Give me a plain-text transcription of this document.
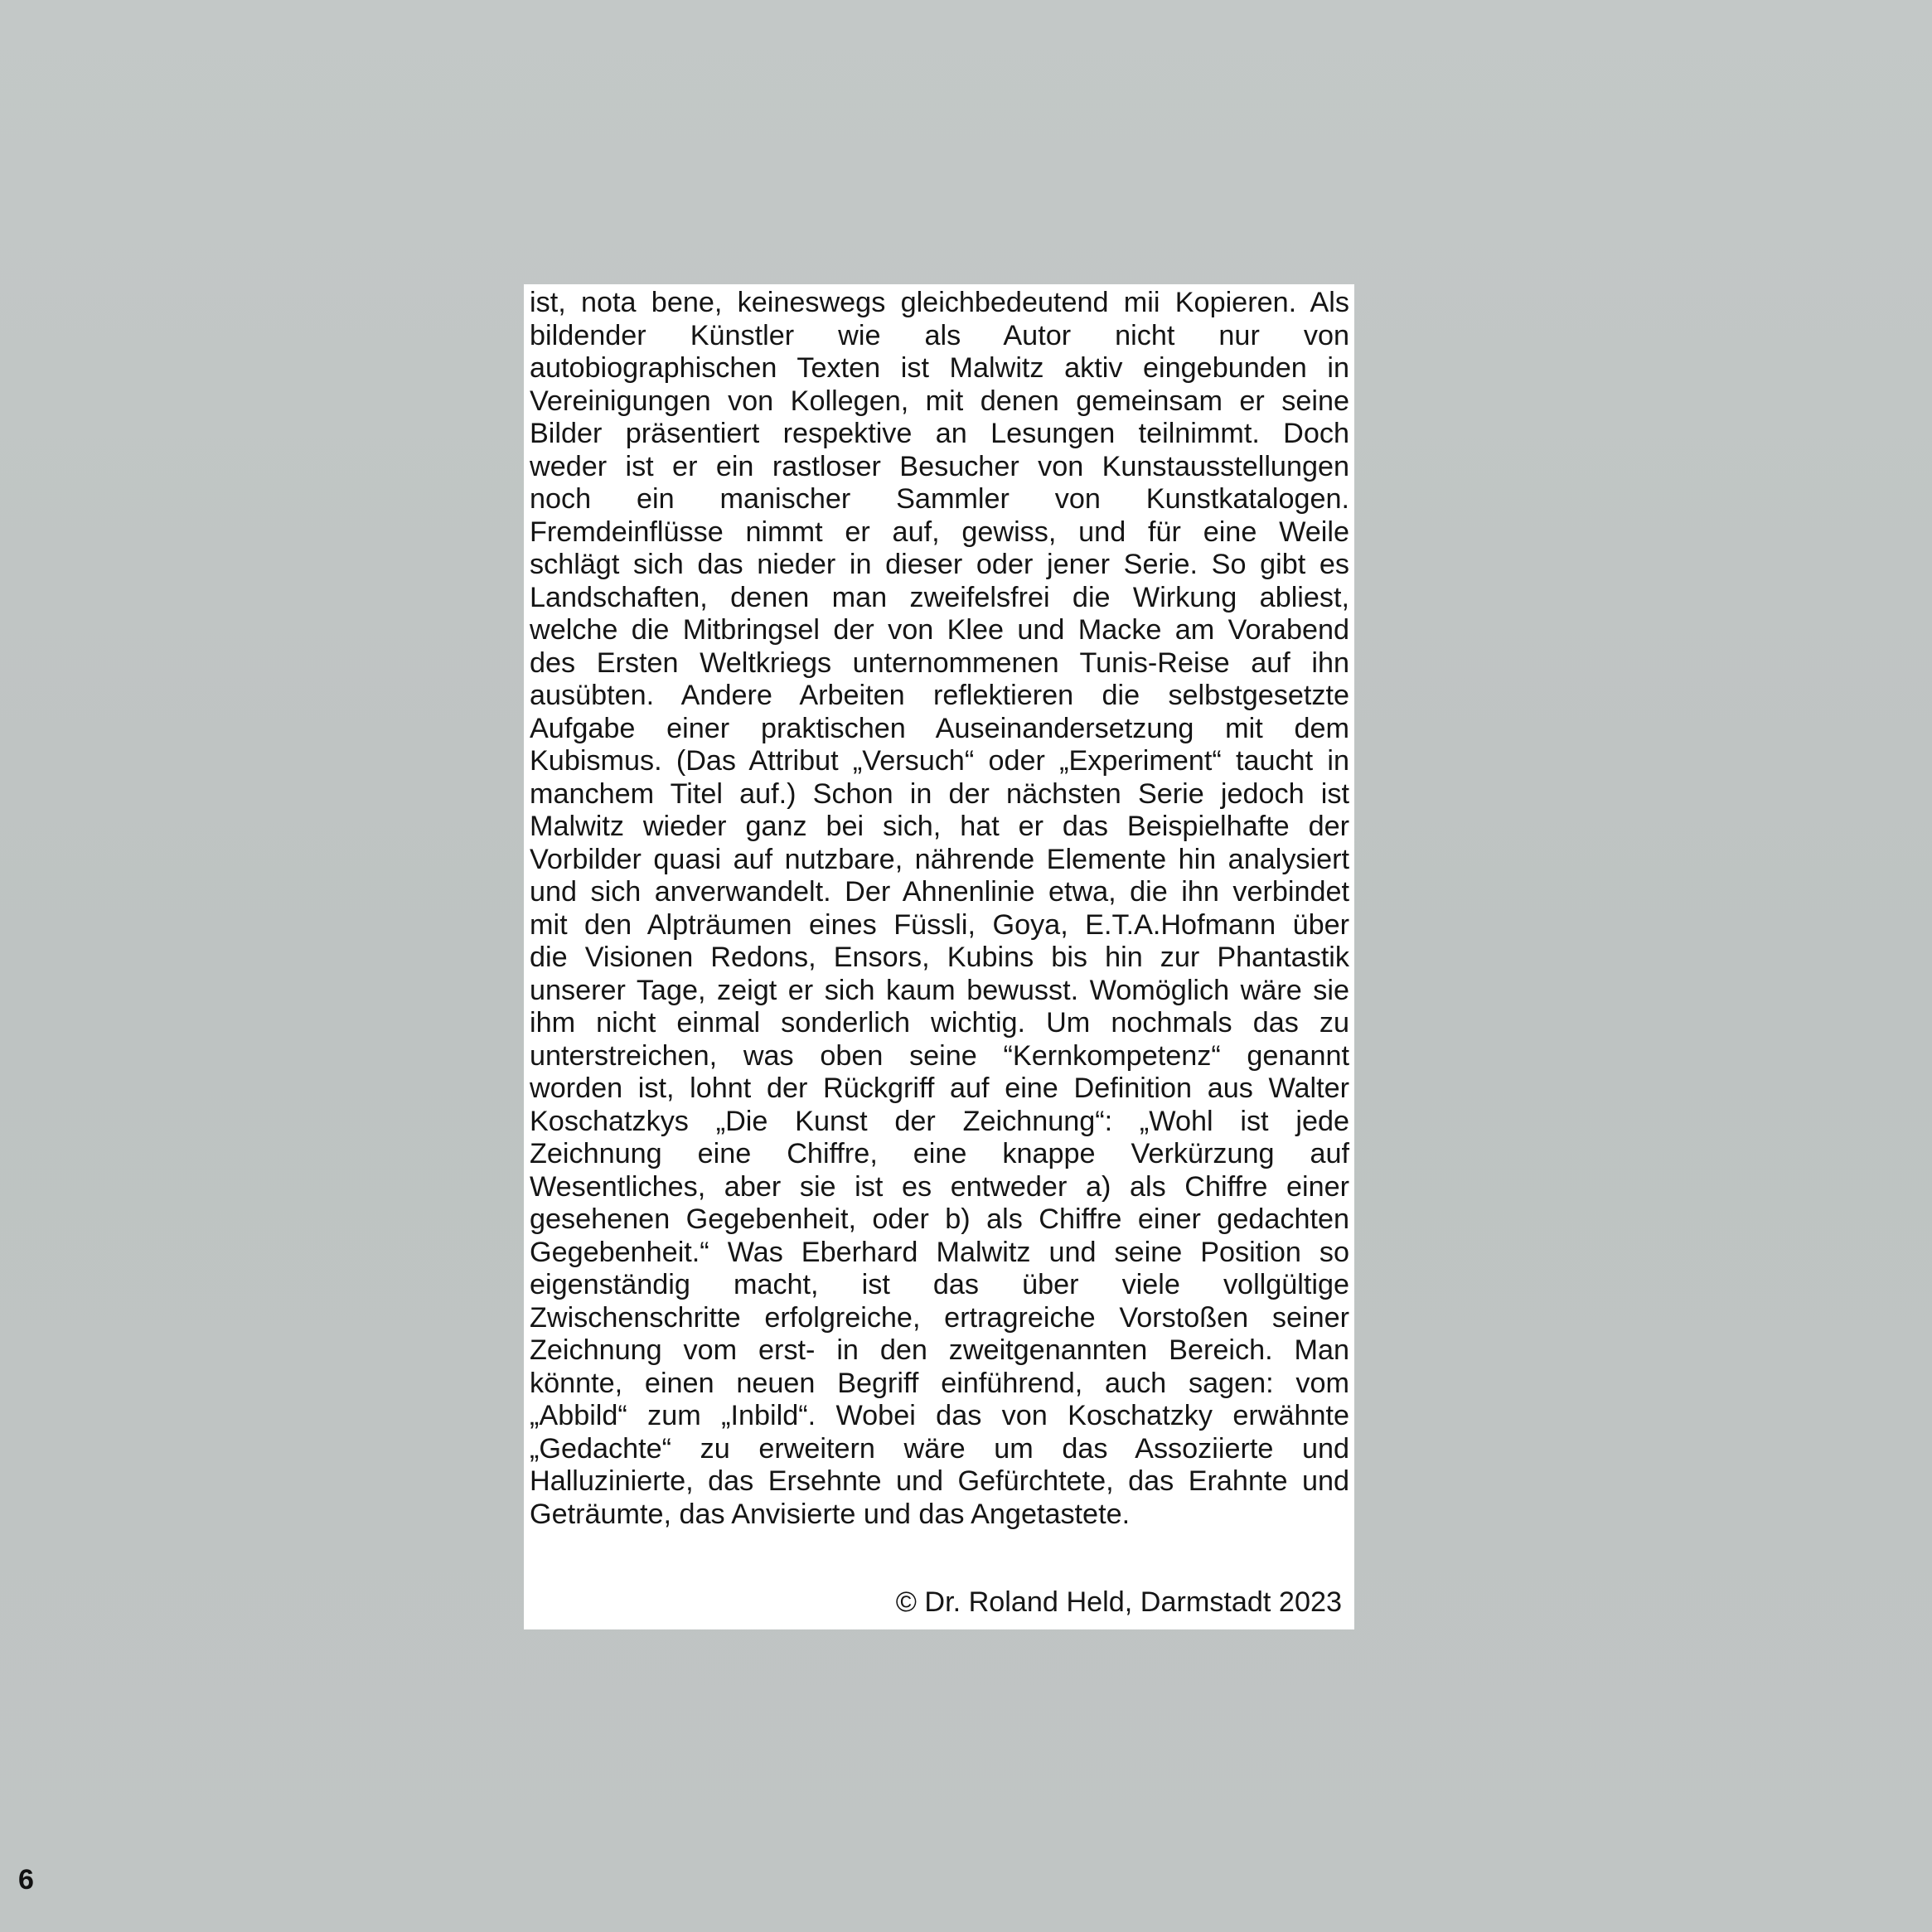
ist, nota bene, keineswegs gleichbedeutend mii Kopieren. Als
bildender Künstler wie als Autor nicht nur von
autobiographischen Texten ist Malwitz aktiv eingebunden in
Vereinigungen von Kollegen, mit denen gemeinsam er seine
Bilder präsentiert respektive an Lesungen teilnimmt. Doch
weder ist er ein rastloser Besucher von Kunstausstellungen
noch ein manischer Sammler von Kunstkatalogen.
Fremdeinflüsse nimmt er auf, gewiss, und für eine Weile
schlägt sich das nieder in dieser oder jener Serie. So gibt es
Landschaften, denen man zweifelsfrei die Wirkung abliest,
welche die Mitbringsel der von Klee und Macke am Vorabend
des Ersten Weltkriegs unternommenen Tunis-Reise auf ihn
ausübten. Andere Arbeiten reflektieren die selbstgesetzte
Aufgabe einer praktischen Auseinandersetzung mit dem
Kubismus. (Das Attribut „Versuch“ oder „Experiment“ taucht in
manchem Titel auf.) Schon in der nächsten Serie jedoch ist
Malwitz wieder ganz bei sich, hat er das Beispielhafte der
Vorbilder quasi auf nutzbare, nährende Elemente hin analysiert
und sich anverwandelt. Der Ahnenlinie etwa, die ihn verbindet
mit den Alpträumen eines Füssli, Goya, E.T.A.Hofmann über
die Visionen Redons, Ensors, Kubins bis hin zur Phantastik
unserer Tage, zeigt er sich kaum bewusst. Womöglich wäre sie
ihm nicht einmal sonderlich wichtig. Um nochmals das zu
unterstreichen, was oben seine “Kernkompetenz“ genannt
worden ist, lohnt der Rückgriff auf eine Definition aus Walter
Koschatzkys „Die Kunst der Zeichnung“: „Wohl ist jede
Zeichnung eine Chiffre, eine knappe Verkürzung auf
Wesentliches, aber sie ist es entweder a) als Chiffre einer
gesehenen Gegebenheit, oder b) als Chiffre einer gedachten
Gegebenheit.“ Was Eberhard Malwitz und seine Position so
eigenständig macht, ist das über viele vollgültige
Zwischenschritte erfolgreiche, ertragreiche Vorstoßen seiner
Zeichnung vom erst- in den zweitgenannten Bereich. Man
könnte, einen neuen Begriff einführend, auch sagen: vom
„Abbild“ zum „Inbild“. Wobei das von Koschatzky erwähnte
„Gedachte“ zu erweitern wäre um das Assoziierte und
Halluzinierte, das Ersehnte und Gefürchtete, das Erahnte und
Geträumte, das Anvisierte und das Angetastete.
© Dr. Roland Held, Darmstadt 2023
6
